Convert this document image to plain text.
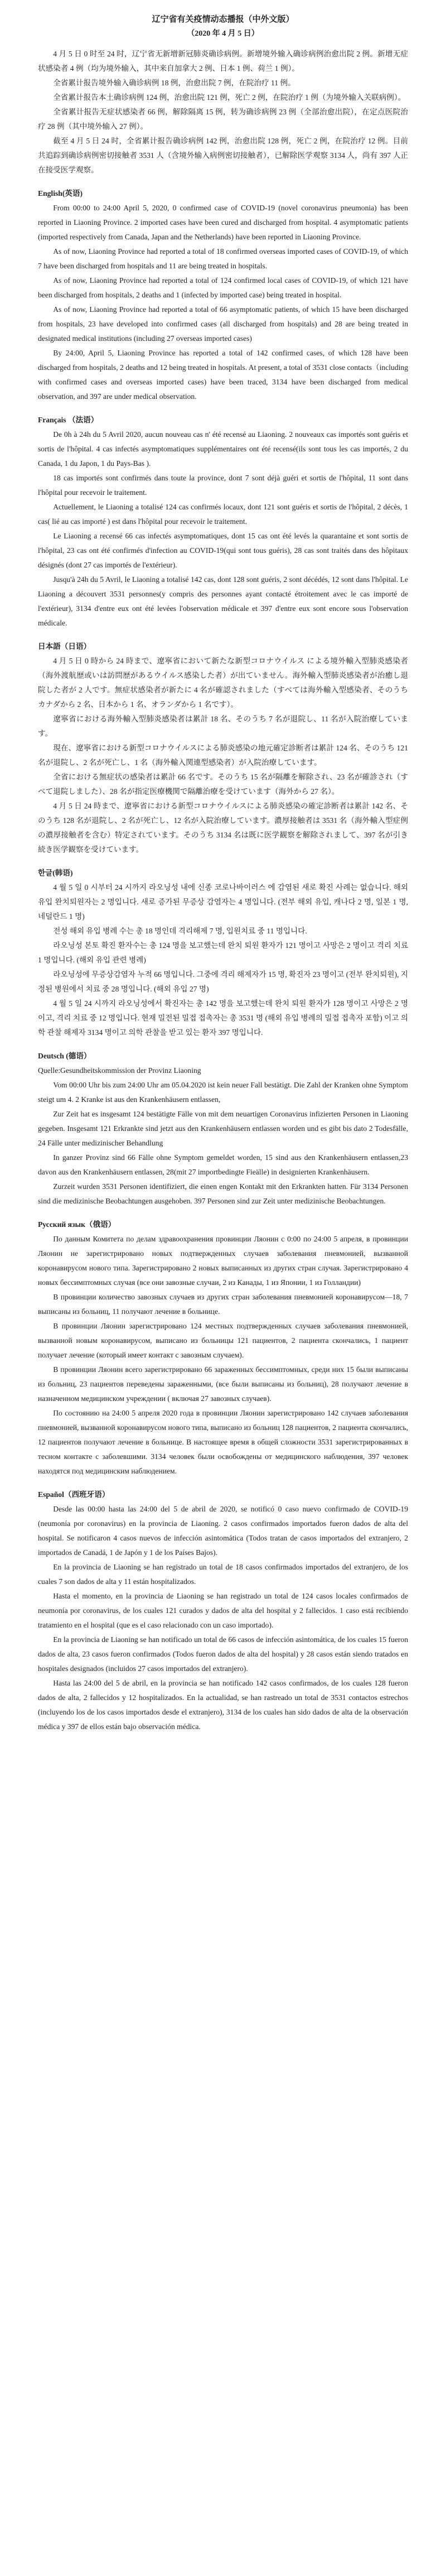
辽宁省有关疫情动态播报（中外文版）
（2020 年 4 月 5 日）

4 月 5 日 0 时至 24 时，辽宁省无新增新冠肺炎确诊病例。新增境外输入确诊病例治愈出院 2 例。新增无症状感染者 4 例（均为境外输入，其中来自加拿大 2 例、日本 1 例、荷兰 1 例）。

全省累计报告境外输入确诊病例 18 例，治愈出院 7 例，在院治疗 11 例。

全省累计报告本土确诊病例 124 例，治愈出院 121 例，死亡 2 例，在院治疗 1 例（为境外输入关联病例）。

全省累计报告无症状感染者 66 例，解除隔离 15 例，转为确诊病例 23 例（全部治愈出院），在定点医院治疗 28 例（其中境外输入 27 例）。

截至 4 月 5 日 24 时，全省累计报告确诊病例 142 例，治愈出院 128 例，死亡 2 例，在院治疗 12 例。目前共追踪到确诊病例密切接触者 3531 人（含境外输入病例密切接触者），已解除医学观察 3134 人，尚有 397 人正在接受医学观察。

English(英语)

From 00:00 to 24:00 April 5, 2020, 0 confirmed case of COVID-19 (novel coronavirus pneumonia) has been reported in Liaoning Province. 2 imported cases have been cured and discharged from hospital. 4 asymptomatic patients (imported respectively from Canada, Japan and the Netherlands) have been reported in Liaoning Province.

As of now, Liaoning Province had reported a total of 18 confirmed overseas imported cases of COVID-19, of which 7 have been discharged from hospitals and 11 are being treated in hospitals.

As of now, Liaoning Province had reported a total of 124 confirmed local cases of COVID-19, of which 121 have been discharged from hospitals, 2 deaths and 1 (infected by imported case) being treated in hospital.

As of now, Liaoning Province had reported a total of 66 asymptomatic patients, of which 15 have been discharged from hospitals, 23 have developed into confirmed cases (all discharged from hospitals) and 28 are being treated in designated medical institutions (including 27 overseas imported cases)

By 24:00, April 5, Liaoning Province has reported a total of 142 confirmed cases, of which 128 have been discharged from hospitals, 2 deaths and 12 being treated in hospitals. At present, a total of 3531 close contacts（including with confirmed cases and overseas imported cases) have been traced, 3134 have been discharged from medical observation, and 397 are under medical observation.

Français （法语）

De 0h à 24h du 5 Avril 2020, aucun nouveau cas n' été recensé au Liaoning. 2 nouveaux cas importés sont guéris et sortis de l'hôpital. 4 cas infectés asymptomatiques supplémentaires ont été recensé(ils sont tous les cas importés, 2 du Canada, 1 du Japon, 1 du Pays-Bas ).

18 cas importés sont confirmés dans toute la province, dont 7 sont déjà guéri et sortis de l'hôpital, 11 sont dans l'hôpital pour recevoir le traitement.

Actuellement, le Liaoning a totalisé 124 cas confirmés locaux, dont 121 sont guéris et sortis de l'hôpital, 2 décès, 1 cas( lié au cas importé ) est dans l'hôpital pour recevoir le traitement.

Le Liaoning a recensé 66 cas infectés asymptomatiques, dont 15 cas ont été levés la quarantaine et sont sortis de l'hôpital, 23 cas ont été confirmés d'infection au COVID-19(qui sont tous guéris), 28 cas sont traités dans des hôpitaux désignés (dont 27 cas importés de l'extérieur).

Jusqu'à 24h du 5 Avril, le Liaoning a totalisé 142 cas, dont 128 sont guéris, 2 sont décédés, 12 sont dans l'hôpital. Le Liaoning a découvert 3531 personnes(y compris des personnes ayant contacté étroitement avec le cas importé de l'extérieur), 3134 d'entre eux ont été levées l'observation médicale et 397 d'entre eux sont encore sous l'observation médicale.

日本語（日语）

4 月 5 日 0 時から 24 時まで、遼寧省において新たな新型コロナウイルス による境外輸入型肺炎感染者（海外渡航歴或いは訪問歴があるウイルス感染した者）が出ていません。海外輸入型肺炎感染者が治癒し退院した者が 2 人です。無症状感染者が新たに 4 名が確認されました（すべては海外輸入型感染者、そのうちカナダから 2 名、日本から 1 名、オランダから 1 名です）。

遼寧省における海外輸入型肺炎感染者は累計 18 名、そのうち 7 名が退院し、11 名が入院治療しています。

現在、遼寧省における新型コロナウイルスによる肺炎感染の地元確定診断者は累計 124 名、そのうち 121 名が退院し、2 名が死亡し、1 名（海外輸入関連型感染者）が入院治療しています。

全省における無症状の感染者は累計 66 名です。そのうち 15 名が隔離を解除され、23 名が確診され（すべて退院しました）、28 名が指定医療機関で隔離治療を受けています（海外から 27 名）。

4 月 5 日 24 時まで、遼寧省における新型コロナウイルスによる肺炎感染の確定診断者は累計 142 名、そのうち 128 名が退院し、2 名が死亡し、12 名が入院治療しています。濃厚接触者は 3531 名（海外輸入型症例の濃厚接触者を含む）特定されています。そのうち 3134 名は既に医学観察を解除されまして、397 名が引き続き医学観察を受けています。

한글(韩语)

4 월 5 일 0 시부터 24 시까지 라오닝성 내에 신종 코로나바이러스 에 감염된 새로 확진 사례는 없습니다. 해외유입 완치퇴원자는 2 명입니다. 새로 증가된 무증상 감염자는 4 명입니다. (전부 해외 유입, 캐나다 2 명, 일본 1 명, 네덜란드 1 명)

전성 해외 유입 병례 수는 총 18 명인데 격리해제 7 명, 입원치료 중 11 명입니다.

라오닝성 본토 확진 환자수는 총 124 명을 보고했는데 완치 퇴원 환자가 121 명이고 사망은 2 명이고 격리 치료 1 명입니다. (해외 유입 관련 병례)

라오닝성에 무증상감염자 누적 66 명입니다. 그중에 격리 해제자가 15 명, 확진자 23 명이고 (전부 완치퇴원), 지정된 병원에서 치료 중 28 명입니다. (해외 유입 27 명)

4 월 5 일 24 시까지 라오닝성에서 확진자는 총 142 명을 보고했는데 완치 퇴원 환자가 128 명이고 사망은 2 명이고, 격리 치료 중 12 명입니다. 현재 밀전된 밀접 접촉자는 총 3531 명 (해외 유입 병례의 밀접 접촉자 포함) 이고 의학 관찰 해제자 3134 명이고 의학 관찰을 받고 있는 환자 397 명입니다.

Deutsch (德语）

Quelle:Gesundheitskommission der Provinz Liaoning

Vom 00:00 Uhr bis zum 24:00 Uhr am 05.04.2020 ist kein neuer Fall bestätigt. Die Zahl der Kranken ohne Symptom steigt um 4. 2 Kranke ist aus den Krankenhäusern entlassen,

Zur Zeit hat es insgesamt 124 bestätigte Fälle von mit dem neuartigen Coronavirus infizierten Personen in Liaoning gegeben. Insgesamt 121 Erkrankte sind jetzt aus den Krankenhäusern entlassen worden und es gibt bis dato 2 Todesfälle, 24 Fälle unter medizinischer Behandlung

In ganzer Provinz sind 66 Fälle ohne Symptom gemeldet worden, 15 sind aus den Krankenhäusern entlassen,23 davon aus den Krankenhäusern entlassen, 28(mit 27 importbedingte Fieälle) in designierten Krankenhäusern.

Zurzeit wurden 3531 Personen identifiziert, die einen engen Kontakt mit den Erkrankten hatten. Für 3134 Personen sind die medizinische Beobachtungen ausgehoben. 397 Personen sind zur Zeit unter medizinische Beobachtungen.

Русский язык（俄语）

По данным Комитета по делам здравоохранения провинции Ляонин с 0:00 по 24:00 5 апреля, в провинции Ляонин не зарегистрировано новых подтвержденных случаев заболевания пневмонией, вызванной коронавирусом нового типа. Зарегистрировано 2 новых выписанных из других стран случая. Зарегистрировано 4 новых бессимптомных случая (все они завозные случаи, 2 из Канады, 1 из Японии, 1 из Голландии)

В провинции количество завозных случаев из других стран заболевания пневмонией коронавирусом—18, 7 выписаны из больниц, 11 получают лечение в больнице.

В провинции Ляонин зарегистрировано 124 местных подтвержденных случаев заболевания пневмонией, вызванной новым коронавирусом, выписано из больницы 121 пациентов, 2 пациента скончались, 1 пациент получает лечение (который имеет контакт с завозным случаем).

В провинции Ляонин всего зарегистрировано 66 зараженных бессимптомных, среди них 15 были выписаны из больниц, 23 пациентов переведены зараженными, (все были выписаны из больниц), 28 получают лечение в назначенном медицинском учреждении ( включая 27 завозных случаев).

По состоянию на 24:00 5 апреля 2020 года в провинции Ляонин зарегистрировано 142 случаев заболевания пневмонией, вызванной коронавирусом нового типа, выписано из больниц 128 пациентов, 2 пациента скончались, 12 пациентов получают лечение в больнице. В настоящее время в общей сложности 3531 зарегистрированных в тесном контакте с заболевшими. 3134 человек были освобождены от медицинского наблюдения, 397 человек находятся под медицинским наблюдением.

Español（西班牙语）

Desde las 00:00 hasta las 24:00 del 5 de abril de 2020, se notificó 0 caso nuevo confirmado de COVID-19 (neumonía por coronavirus) en la provincia de Liaoning. 2 casos confirmados importados fueron dados de alta del hospital. Se notificaron 4 casos nuevos de infección asintomática (Todos tratan de casos importados del extranjero, 2 importados de Canadá, 1 de Japón y 1 de los Países Bajos).

En la provincia de Liaoning se han registrado un total de 18 casos confirmados importados del extranjero, de los cuales 7 son dados de alta y 11 están hospitalizados.

Hasta el momento, en la provincia de Liaoning se han registrado un total de 124 casos locales confirmados de neumonía por coronavirus, de los cuales 121 curados y dados de alta del hospital y 2 fallecidos. 1 caso está recibiendo tratamiento en el hospital (que es el caso relacionado con un caso importado).

En la provincia de Liaoning se han notificado un total de 66 casos de infección asintomática, de los cuales 15 fueron dados de alta, 23 casos fueron confirmados (Todos fueron dados de alta del hospital) y 28 casos están siendo tratados en hospitales designados (incluidos 27 casos importados del extranjero).

Hasta las 24:00 del 5 de abril, en la provincia se han notificado 142 casos confirmados, de los cuales 128 fueron dados de alta, 2 fallecidos y 12 hospitalizados. En la actualidad, se han rastreado un total de 3531 contactos estrechos (incluyendo los de los casos importados desde el extranjero), 3134 de los cuales han sido dados de alta de la observación médica y 397 de ellos están bajo observación médica.
